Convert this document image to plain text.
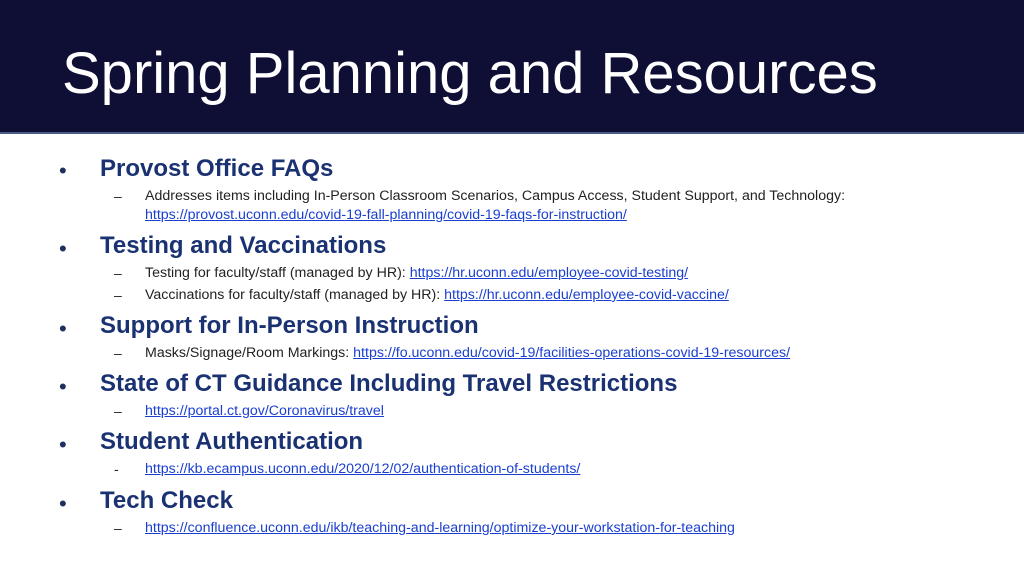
Spring Planning and Resources
• Provost Office FAQs
– Addresses items including In-Person Classroom Scenarios, Campus Access, Student Support, and Technology:
https://provost.uconn.edu/covid-19-fall-planning/covid-19-faqs-for-instruction/
• Testing and Vaccinations
– Testing for faculty/staff (managed by HR): https://hr.uconn.edu/employee-covid-testing/
– Vaccinations for faculty/staff (managed by HR): https://hr.uconn.edu/employee-covid-vaccine/
• Support for In-Person Instruction
– Masks/Signage/Room Markings: https://fo.uconn.edu/covid-19/facilities-operations-covid-19-resources/
• State of CT Guidance Including Travel Restrictions
– https://portal.ct.gov/Coronavirus/travel
• Student Authentication
- https://kb.ecampus.uconn.edu/2020/12/02/authentication-of-students/
• Tech Check
– https://confluence.uconn.edu/ikb/teaching-and-learning/optimize-your-workstation-for-teaching
